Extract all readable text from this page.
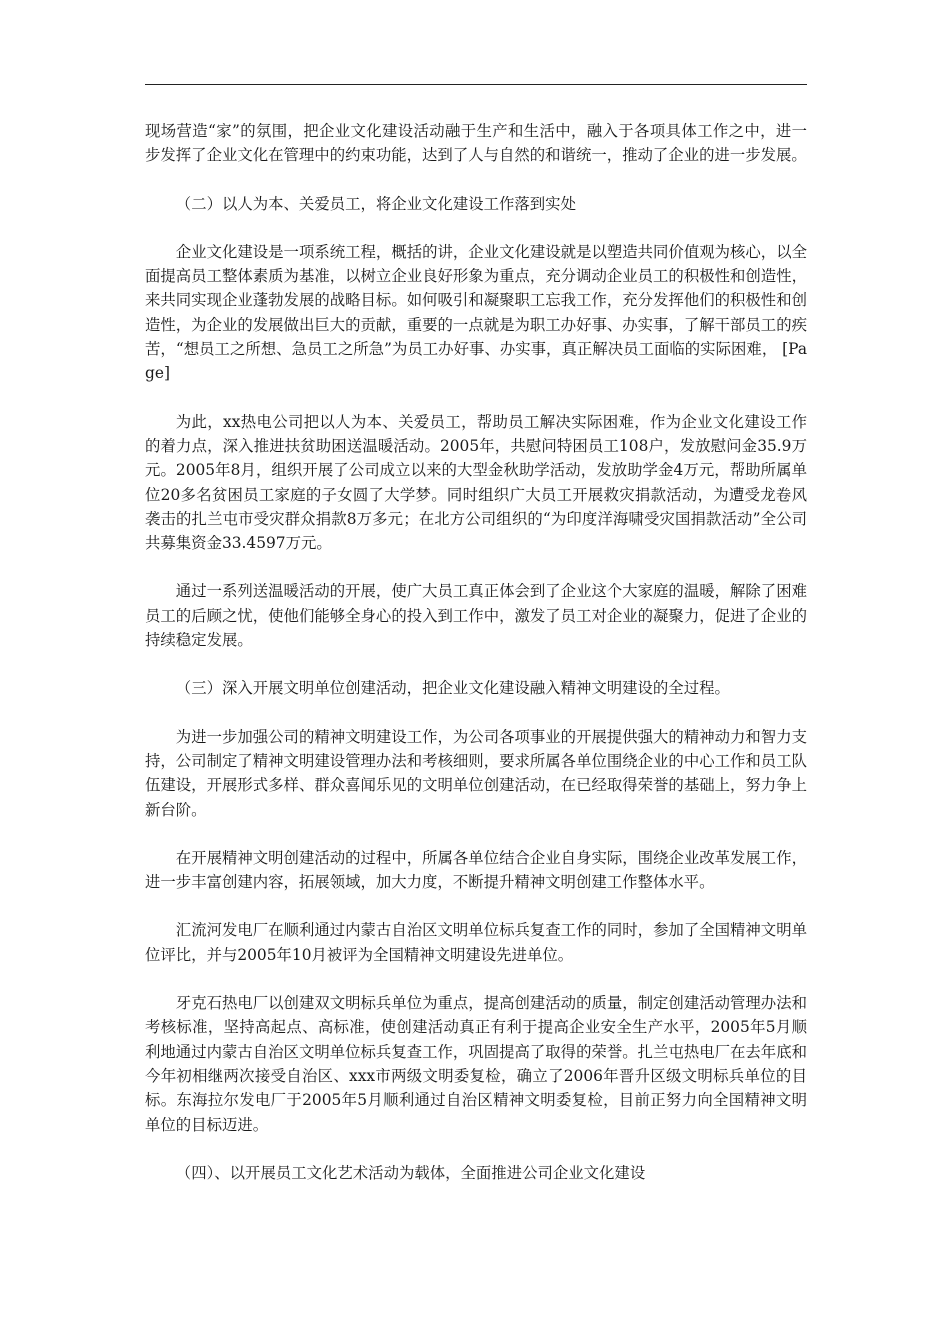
现场营造“家”的氛围，把企业文化建设活动融于生产和生活中，融入于各项具体工作之中，进一步发挥了企业文化在管理中的约束功能，达到了人与自然的和谐统一，推动了企业的进一步发展。

（二）以人为本、关爱员工，将企业文化建设工作落到实处

企业文化建设是一项系统工程，概括的讲，企业文化建设就是以塑造共同价值观为核心，以全面提高员工整体素质为基准，以树立企业良好形象为重点，充分调动企业员工的积极性和创造性，来共同实现企业蓬勃发展的战略目标。如何吸引和凝聚职工忘我工作，充分发挥他们的积极性和创造性，为企业的发展做出巨大的贡献，重要的一点就是为职工办好事、办实事，了解干部员工的疾苦，“想员工之所想、急员工之所急”为员工办好事、办实事，真正解决员工面临的实际困难， [Page]

为此，xx热电公司把以人为本、关爱员工，帮助员工解决实际困难，作为企业文化建设工作的着力点，深入推进扶贫助困送温暖活动。2005年，共慰问特困员工108户，发放慰问金35.9万元。2005年8月，组织开展了公司成立以来的大型金秋助学活动，发放助学金4万元，帮助所属单位20多名贫困员工家庭的子女圆了大学梦。同时组织广大员工开展救灾捐款活动，为遭受龙卷风袭击的扎兰屯市受灾群众捐款8万多元；在北方公司组织的“为印度洋海啸受灾国捐款活动”全公司共募集资金33.4597万元。

通过一系列送温暖活动的开展，使广大员工真正体会到了企业这个大家庭的温暖，解除了困难员工的后顾之忧，使他们能够全身心的投入到工作中，激发了员工对企业的凝聚力，促进了企业的持续稳定发展。

（三）深入开展文明单位创建活动，把企业文化建设融入精神文明建设的全过程。

为进一步加强公司的精神文明建设工作，为公司各项事业的开展提供强大的精神动力和智力支持，公司制定了精神文明建设管理办法和考核细则，要求所属各单位围绕企业的中心工作和员工队伍建设，开展形式多样、群众喜闻乐见的文明单位创建活动，在已经取得荣誉的基础上，努力争上新台阶。

在开展精神文明创建活动的过程中，所属各单位结合企业自身实际，围绕企业改革发展工作，进一步丰富创建内容，拓展领域，加大力度，不断提升精神文明创建工作整体水平。

汇流河发电厂在顺利通过内蒙古自治区文明单位标兵复查工作的同时，参加了全国精神文明单位评比，并与2005年10月被评为全国精神文明建设先进单位。

牙克石热电厂以创建双文明标兵单位为重点，提高创建活动的质量，制定创建活动管理办法和考核标准，坚持高起点、高标准，使创建活动真正有利于提高企业安全生产水平，2005年5月顺利地通过内蒙古自治区文明单位标兵复查工作，巩固提高了取得的荣誉。扎兰屯热电厂在去年底和今年初相继两次接受自治区、xxx市两级文明委复检，确立了2006年晋升区级文明标兵单位的目标。东海拉尔发电厂于2005年5月顺利通过自治区精神文明委复检，目前正努力向全国精神文明单位的目标迈进。

（四）、以开展员工文化艺术活动为载体，全面推进公司企业文化建设
